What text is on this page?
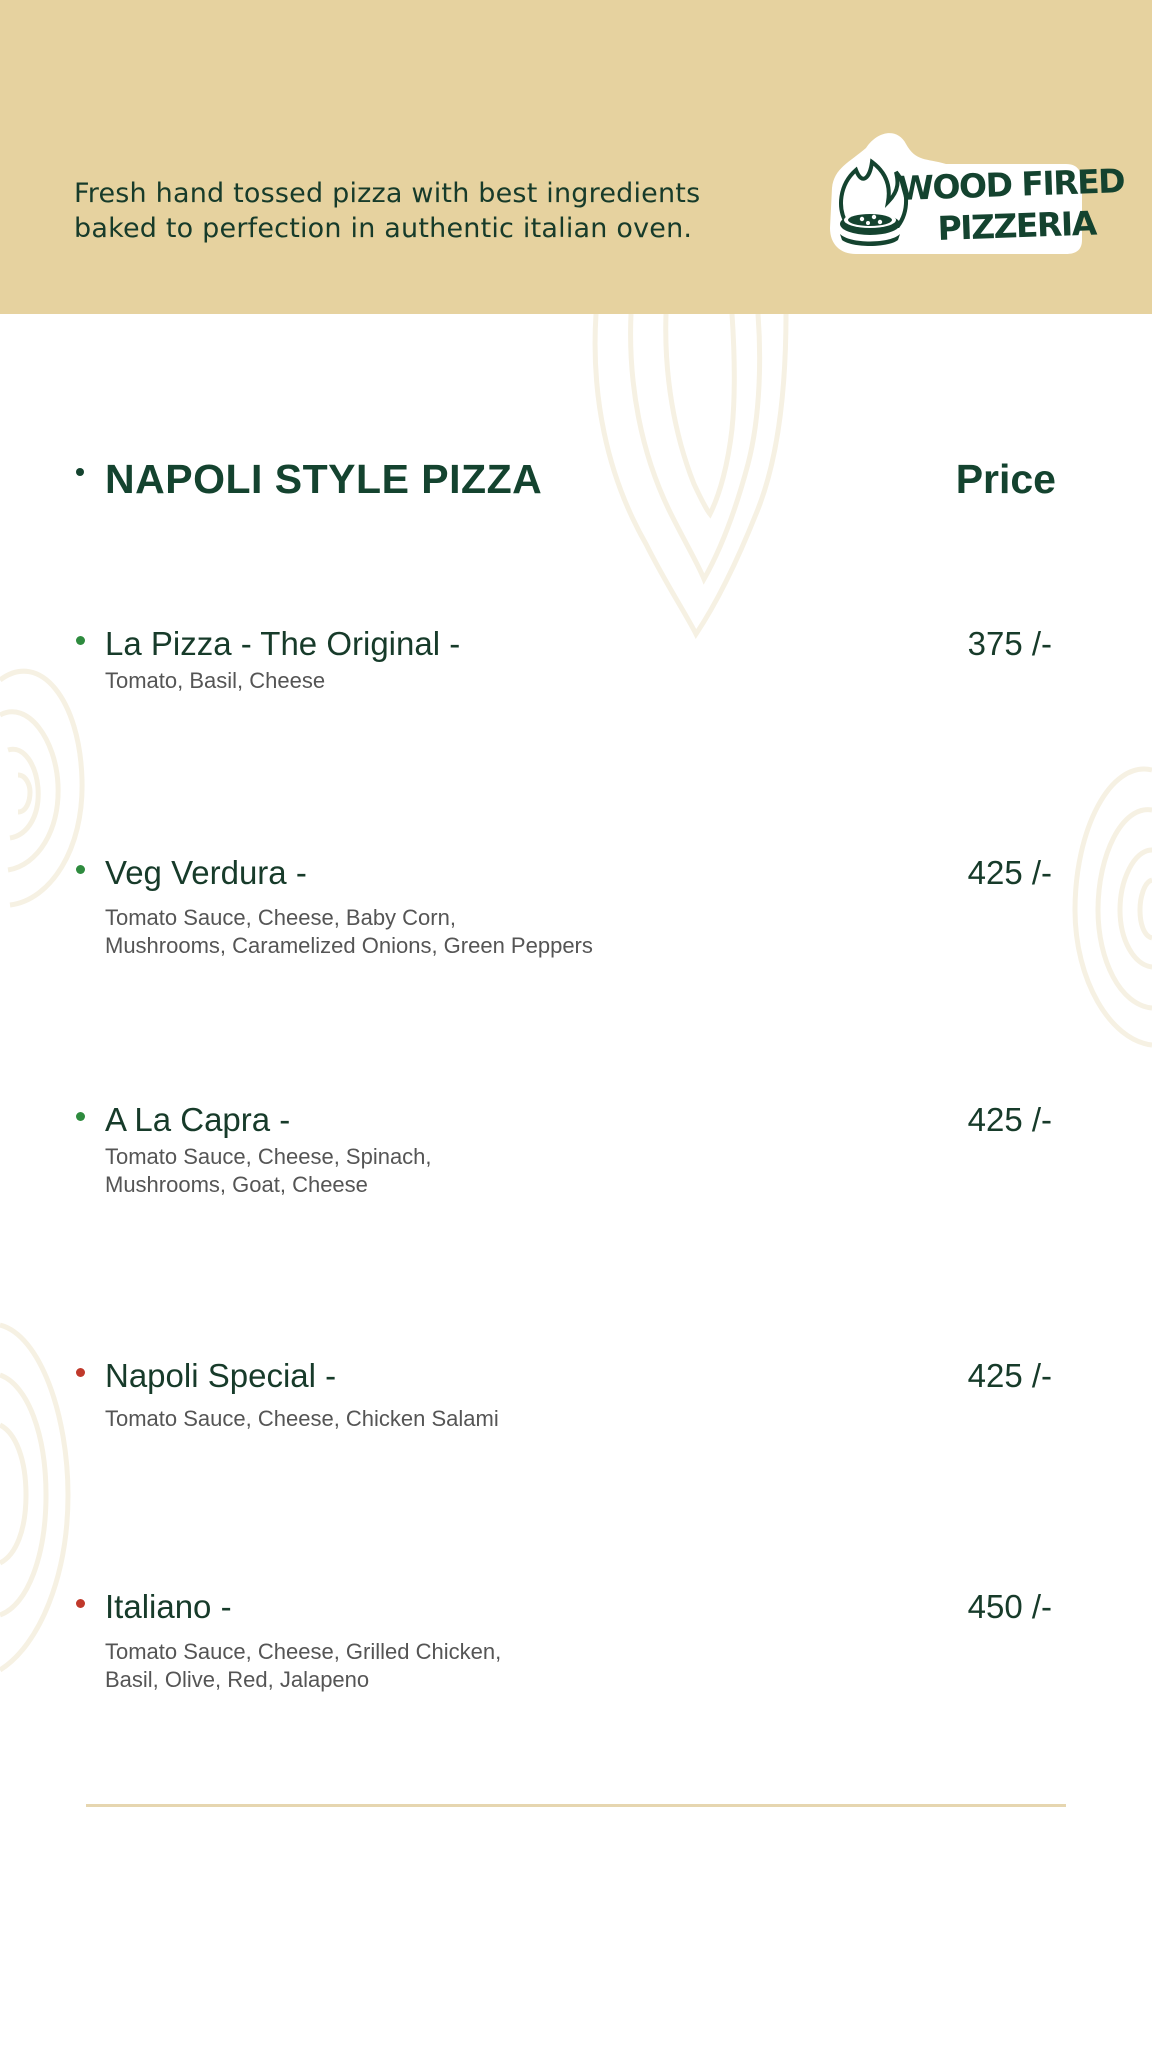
Fresh hand tossed pizza with best ingredients
baked to perfection in authentic italian oven.
WOOD FIRED
PIZZERIA
NAPOLI STYLE PIZZA	Price
La Pizza - The Original -	375 /-
Tomato, Basil, Cheese
Veg Verdura -	425 /-
Tomato Sauce, Cheese, Baby Corn,
Mushrooms, Caramelized Onions, Green Peppers
A La Capra -	425 /-
Tomato Sauce, Cheese, Spinach,
Mushrooms, Goat, Cheese
Napoli Special -	425 /-
Tomato Sauce, Cheese, Chicken Salami
Italiano -	450 /-
Tomato Sauce, Cheese, Grilled Chicken,
Basil, Olive, Red, Jalapeno
